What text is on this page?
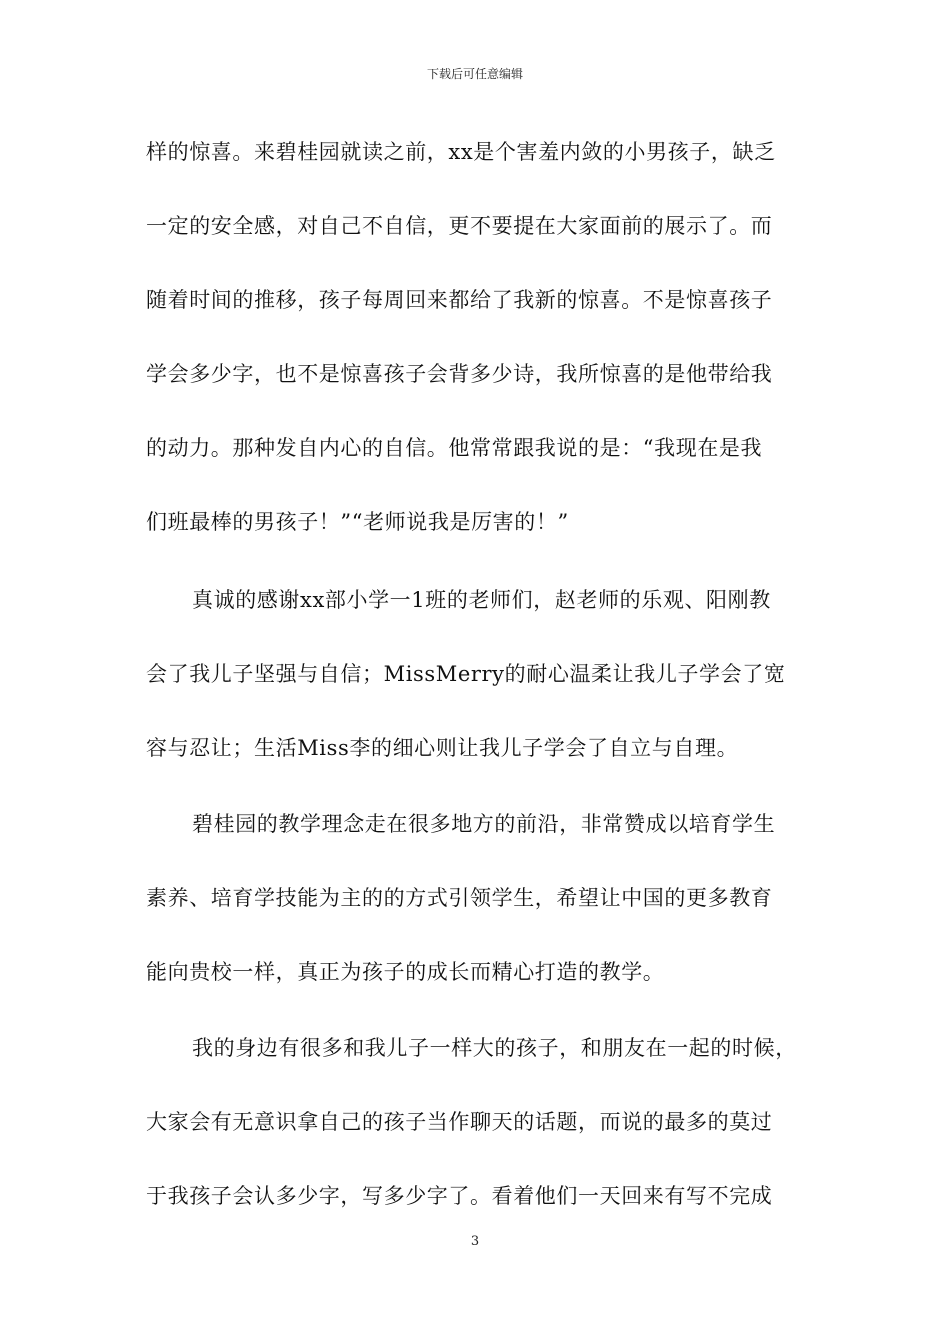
下载后可任意编辑
样的惊喜。来碧桂园就读之前，xx是个害羞内敛的小男孩子，缺乏
一定的安全感，对自己不自信，更不要提在大家面前的展示了。而
随着时间的推移，孩子每周回来都给了我新的惊喜。不是惊喜孩子
学会多少字，也不是惊喜孩子会背多少诗，我所惊喜的是他带给我
的动力。那种发自内心的自信。他常常跟我说的是：“我现在是我
们班最棒的男孩子！”“老师说我是厉害的！”
真诚的感谢xx部小学一1班的老师们，赵老师的乐观、阳刚教
会了我儿子坚强与自信；MissMerry的耐心温柔让我儿子学会了宽
容与忍让；生活Miss李的细心则让我儿子学会了自立与自理。
碧桂园的教学理念走在很多地方的前沿，非常赞成以培育学生
素养、培育学技能为主的的方式引领学生，希望让中国的更多教育
能向贵校一样，真正为孩子的成长而精心打造的教学。
我的身边有很多和我儿子一样大的孩子，和朋友在一起的时候，
大家会有无意识拿自己的孩子当作聊天的话题，而说的最多的莫过
于我孩子会认多少字，写多少字了。看着他们一天回来有写不完成
3
